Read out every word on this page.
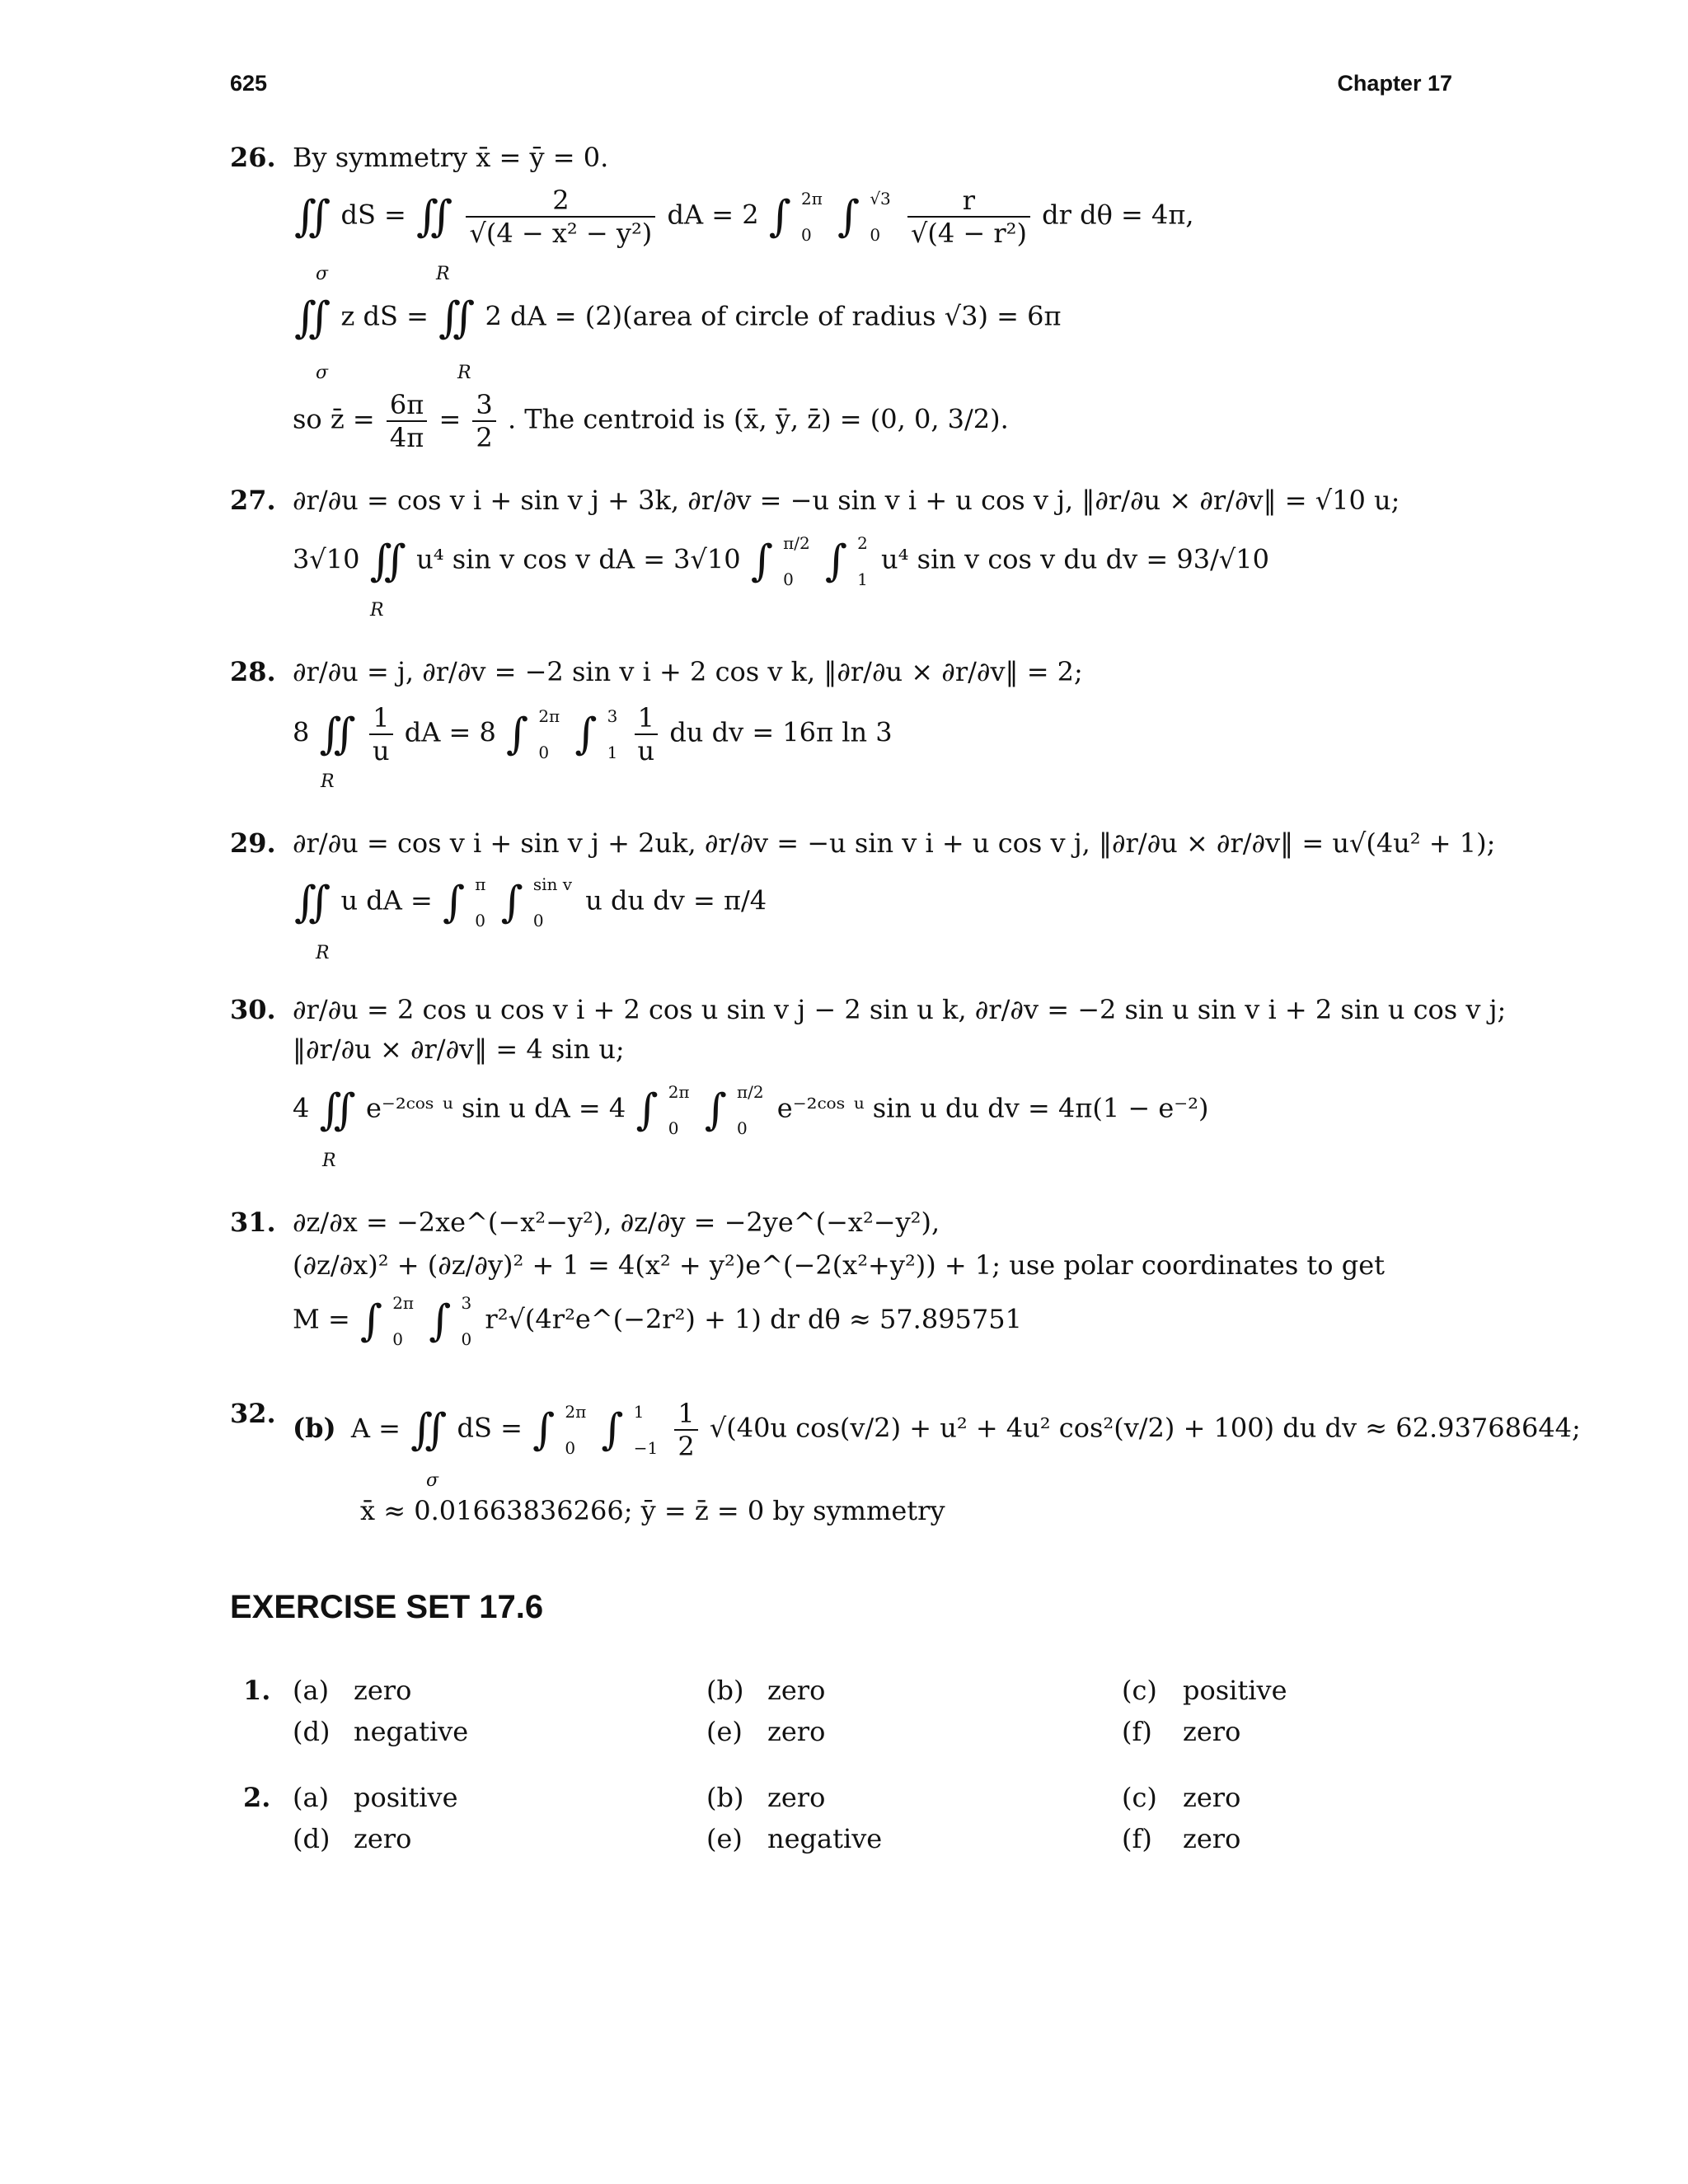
625	Chapter 17
26. By symmetry x̄ = ȳ = 0.
∬ dS = ∬ $\frac{2}{\text{√(4 − x² − y²)}}$ dA = 2 ∫ 2π
0 ∫ √3
0
	$\frac{r}{\text{√(4 − r²)}}$ dr dθ = 4π,
σ	R
∬ z dS = ∬ 2 dA = (2)(area of circle of radius √3) = 6π
σ	R
so z̄ = $\frac{6\pi}{4\pi} = \frac{3}{2}$ . The centroid is (x̄, ȳ, z̄) = (0, 0, 3/2).
27. ∂r/∂u = cos v i + sin v j + 3k, ∂r/∂v = −u sin v i + u cos v j, ‖∂r/∂u × ∂r/∂v‖ = √10 u;
3√10 ∬ u⁴ sin v cos v dA = 3√10 ∫ π/2
0 ∫ 2
1
u⁴ sin v cos v du dv = 93/√10
R
28. ∂r/∂u = j, ∂r/∂v = −2 sin v i + 2 cos v k, ‖∂r/∂u × ∂r/∂v‖ = 2;
8 ∬ $\frac{1}{u}$ dA = 8 ∫ 2π
0 ∫ 3
1
$\frac{1}{u}$ du dv = 16π ln 3
R
29. ∂r/∂u = cos v i + sin v j + 2uk, ∂r/∂v = −u sin v i + u cos v j, ‖∂r/∂u × ∂r/∂v‖ = u√(4u² + 1);
∬ u dA = ∫ π
0 ∫ sin v
0
u du dv = π/4
R
30. ∂r/∂u = 2 cos u cos v i + 2 cos u sin v j − 2 sin u k, ∂r/∂v = −2 sin u sin v i + 2 sin u cos v j;
‖∂r/∂u × ∂r/∂v‖ = 4 sin u;
4 ∬ e⁻²ᶜᵒˢ ᵘ sin u dA = 4 ∫ 2π
0 ∫ π/2
0
e⁻²ᶜᵒˢ ᵘ sin u du dv = 4π(1 − e⁻²)
R
31. ∂z/∂x = −2xe^(−x²−y²), ∂z/∂y = −2ye^(−x²−y²),
(∂z/∂x)² + (∂z/∂y)² + 1 = 4(x² + y²)e^(−2(x²+y²)) + 1; use polar coordinates to get
M = ∫ 2π
0 ∫ 3
0
r²√(4r²e^(−2r²) + 1) dr dθ ≈ 57.895751
32. (b) A = ∬ dS = ∫ 2π
0 ∫ 1
−1
$\frac{1}{2} √(40u$ cos(v/2) + u² + 4u² cos²(v/2) + 100) du dv ≈ 62.93768644;
σ
x̄ ≈ 0.01663836266; ȳ = z̄ = 0 by symmetry
EXERCISE SET 17.6
1. (a) zero	(b) zero	(c) positive
(d) negative	(e) zero	(f) zero
2. (a) positive	(b) zero	(c) zero
(d) zero	(e) negative	(f) zero
